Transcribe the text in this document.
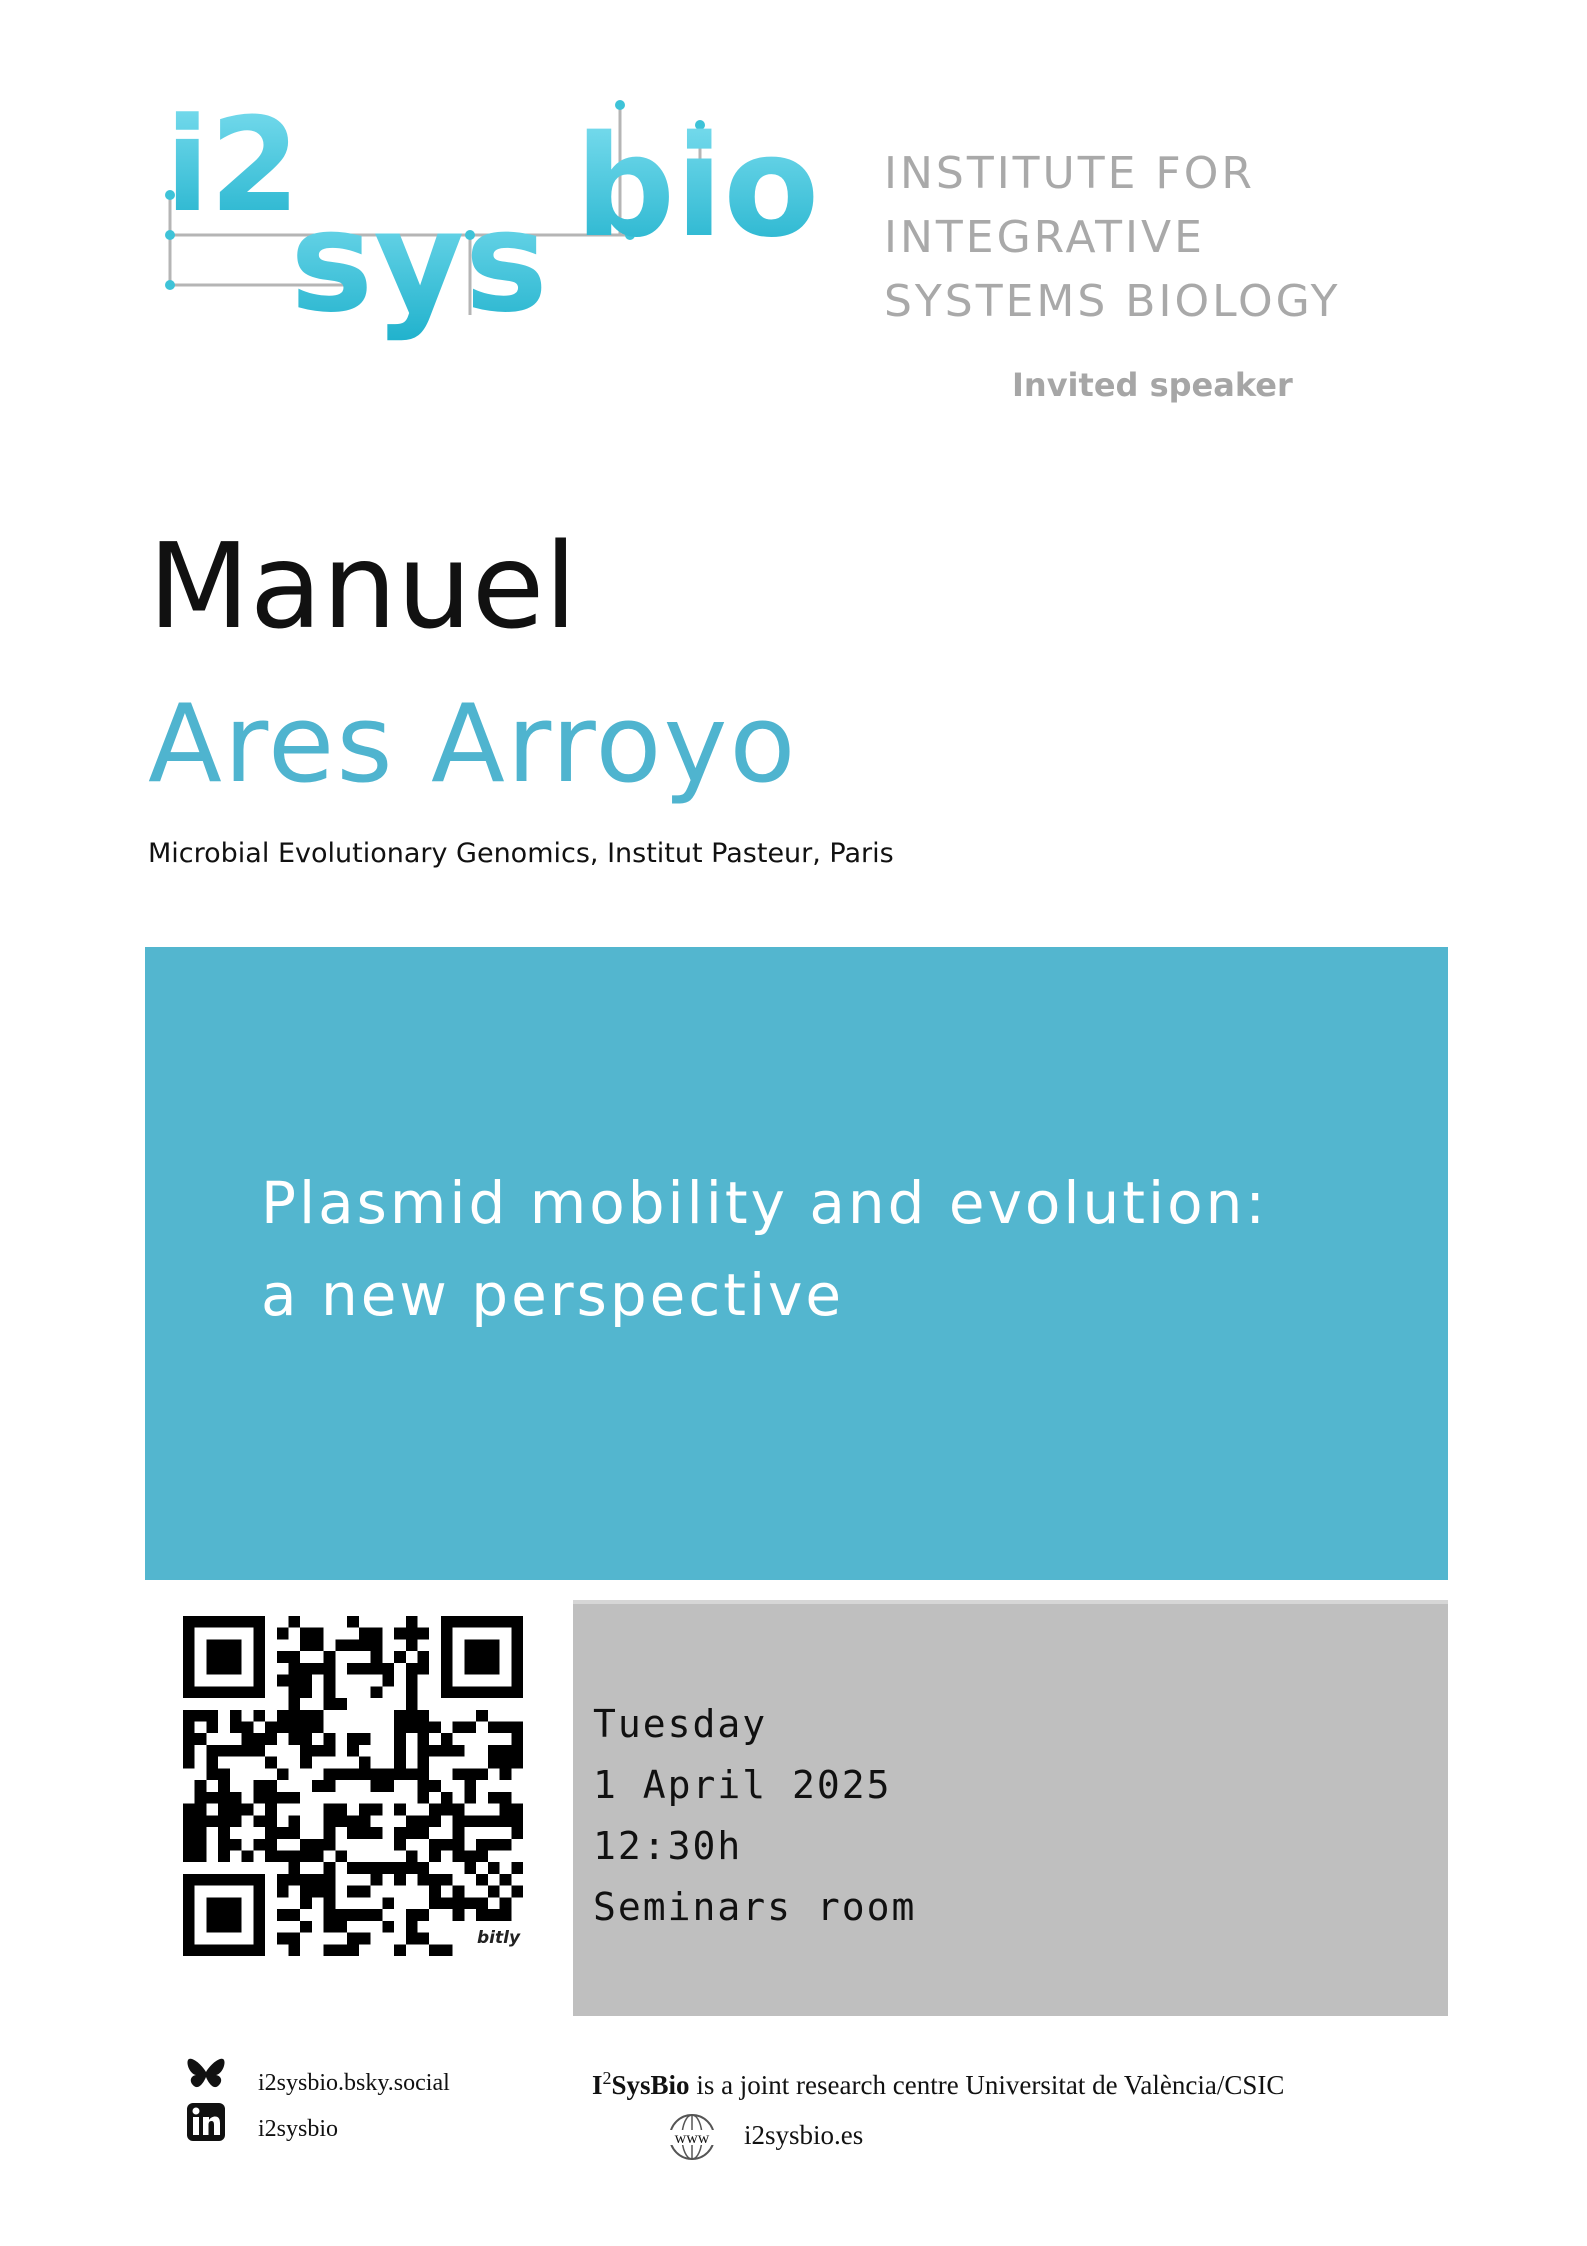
i2
sys bio INSTITUTE FOR
INTEGRATIVE
SYSTEMS BIOLOGY
Invited speaker
Manuel
Ares Arroyo
Microbial Evolutionary Genomics, Institut Pasteur, Paris
Plasmid mobility and evolution:
a new perspective
bitly
Tuesday
1 April 2025
12:30h
Seminars room
i2sysbio.bsky.social
i2sysbio
$I^2SysBio$ is a joint research centre Universitat de València/CSIC
www i2sysbio.es
